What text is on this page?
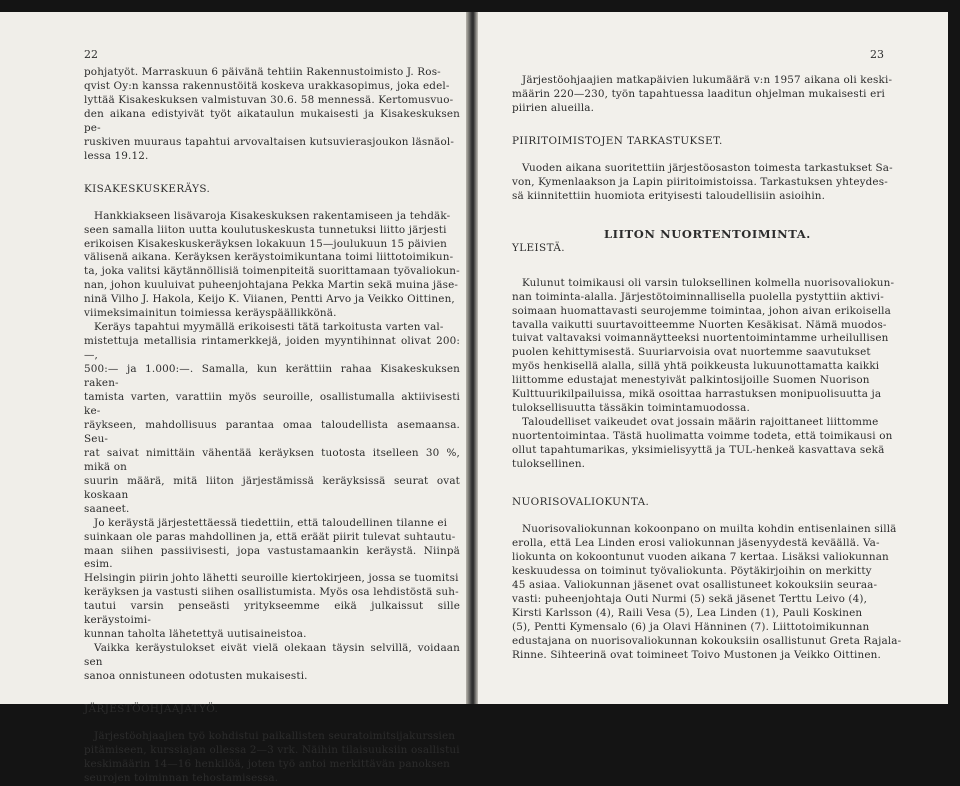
22

pohjatyöt. Marraskuun 6 päivänä tehtiin Rakennustoimisto J. Ros-
qvist Oy:n kanssa rakennustöitä koskeva urakkasopimus, joka edel-
lyttää Kisakeskuksen valmistuvan 30.6. 58 mennessä. Kertomusvuo-
den aikana edistyivät työt aikataulun mukaisesti ja Kisakeskuksen pe-
ruskiven muuraus tapahtui arvovaltaisen kutsuvierasjoukon läsnäol-
lessa 19.12.

KISAKESKUSKERÄYS.

Hankkiakseen lisävaroja Kisakeskuksen rakentamiseen ja tehdäk-
seen samalla liiton uutta koulutuskeskusta tunnetuksi liitto järjesti
erikoisen Kisakeskuskeräyksen lokakuun 15—joulukuun 15 päivien
välisenä aikana. Keräyksen keräystoimikuntana toimi liittotoimikun-
ta, joka valitsi käytännöllisiä toimenpiteitä suorittamaan työvaliokun-
nan, johon kuuluivat puheenjohtajana Pekka Martin sekä muina jäse-
ninä Vilho J. Hakola, Keijo K. Viianen, Pentti Arvo ja Veikko Oittinen,
viimeksimainitun toimiessa keräyspäällikkönä.

Keräys tapahtui myymällä erikoisesti tätä tarkoitusta varten val-
mistettuja metallisia rintamerkkejä, joiden myyntihinnat olivat 200:—,
500:— ja 1.000:—. Samalla, kun kerättiin rahaa Kisakeskuksen raken-
tamista varten, varattiin myös seuroille, osallistumalla aktiivisesti ke-
räykseen, mahdollisuus parantaa omaa taloudellista asemaansa. Seu-
rat saivat nimittäin vähentää keräyksen tuotosta itselleen 30 %, mikä on
suurin määrä, mitä liiton järjestämissä keräyksissä seurat ovat koskaan
saaneet.

Jo keräystä järjestettäessä tiedettiin, että taloudellinen tilanne ei
suinkaan ole paras mahdollinen ja, että eräät piirit tulevat suhtautu-
maan siihen passiivisesti, jopa vastustamaankin keräystä. Niinpä esim.
Helsingin piirin johto lähetti seuroille kiertokirjeen, jossa se tuomitsi
keräyksen ja vastusti siihen osallistumista. Myös osa lehdistöstä suh-
tautui varsin penseästi yritykseemme eikä julkaissut sille keräystoimi-
kunnan taholta lähetettyä uutisaineistoa.

Vaikka keräystulokset eivät vielä olekaan täysin selvillä, voidaan sen
sanoa onnistuneen odotusten mukaisesti.

JÄRJESTÖOHJAAJATYÖ.

Järjestöohjaajien työ kohdistui paikallisten seuratoimitsijakurssien
pitämiseen, kurssiajan ollessa 2—3 vrk. Näihin tilaisuuksiin osallistui
keskimäärin 14—16 henkilöä, joten työ antoi merkittävän panoksen
seurojen toiminnan tehostamisessa.

23

Järjestöohjaajien matkapäivien lukumäärä v:n 1957 aikana oli keski-
määrin 220—230, työn tapahtuessa laaditun ohjelman mukaisesti eri
piirien alueilla.

PIIRITOIMISTOJEN TARKASTUKSET.

Vuoden aikana suoritettiin järjestöosaston toimesta tarkastukset Sa-
von, Kymenlaakson ja Lapin piiritoimistoissa. Tarkastuksen yhteydes-
sä kiinnitettiin huomiota erityisesti taloudellisiin asioihin.

LIITON NUORTENTOIMINTA.
YLEISTÄ.

Kulunut toimikausi oli varsin tuloksellinen kolmella nuorisovaliokun-
nan toiminta-alalla. Järjestötoiminnallisella puolella pystyttiin aktivi-
soimaan huomattavasti seurojemme toimintaa, johon aivan erikoisella
tavalla vaikutti suurtavoitteemme Nuorten Kesäkisat. Nämä muodos-
tuivat valtavaksi voimannäytteeksi nuortentoimintamme urheilullisen
puolen kehittymisestä. Suuriarvoisia ovat nuortemme saavutukset
myös henkisellä alalla, sillä yhtä poikkeusta lukuunottamatta kaikki
liittomme edustajat menestyivät palkintosijoille Suomen Nuorison
Kulttuurikilpailuissa, mikä osoittaa harrastuksen monipuolisuutta ja
tuloksellisuutta tässäkin toimintamuodossa.

Taloudelliset vaikeudet ovat jossain määrin rajoittaneet liittomme
nuortentoimintaa. Tästä huolimatta voimme todeta, että toimikausi on
ollut tapahtumarikas, yksimielisyyttä ja TUL-henkeä kasvattava sekä
tuloksellinen.

NUORISOVALIOKUNTA.

Nuorisovaliokunnan kokoonpano on muilta kohdin entisenlainen sillä
erolla, että Lea Linden erosi valiokunnan jäsenyydestä keväällä. Va-
liokunta on kokoontunut vuoden aikana 7 kertaa. Lisäksi valiokunnan
keskuudessa on toiminut työvaliokunta. Pöytäkirjoihin on merkitty
45 asiaa. Valiokunnan jäsenet ovat osallistuneet kokouksiin seuraa-
vasti: puheenjohtaja Outi Nurmi (5) sekä jäsenet Terttu Leivo (4),
Kirsti Karlsson (4), Raili Vesa (5), Lea Linden (1), Pauli Koskinen
(5), Pentti Kymensalo (6) ja Olavi Hänninen (7). Liittotoimikunnan
edustajana on nuorisovaliokunnan kokouksiin osallistunut Greta Rajala-
Rinne. Sihteerinä ovat toimineet Toivo Mustonen ja Veikko Oittinen.
